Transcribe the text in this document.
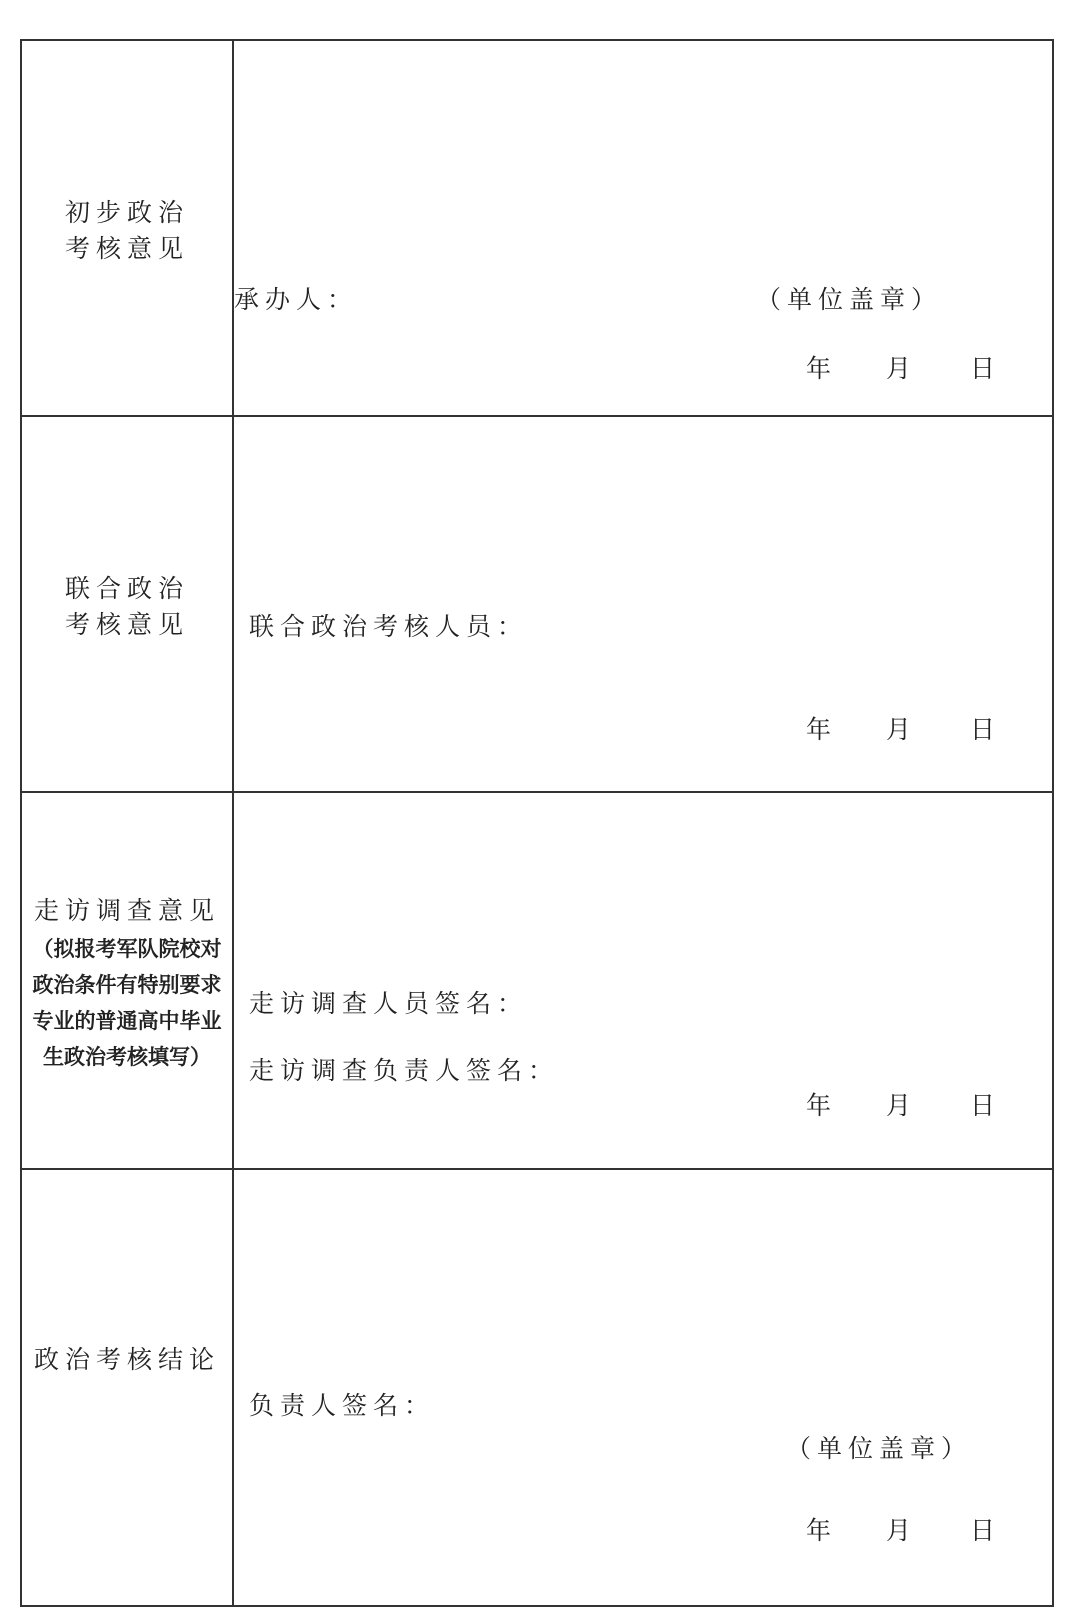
初步政治
考核意见
承办人：	（单位盖章）
年 月 日
联合政治
考核意见	联合政治考核人员：
年 月 日
走访调查意见
（拟报考军队院校对
政治条件有特别要求
专业的普通高中毕业
生政治考核填写）
走访调查人员签名：
走访调查负责人签名：
年 月 日
政治考核结论
负责人签名：
（单位盖章）
年 月 日
